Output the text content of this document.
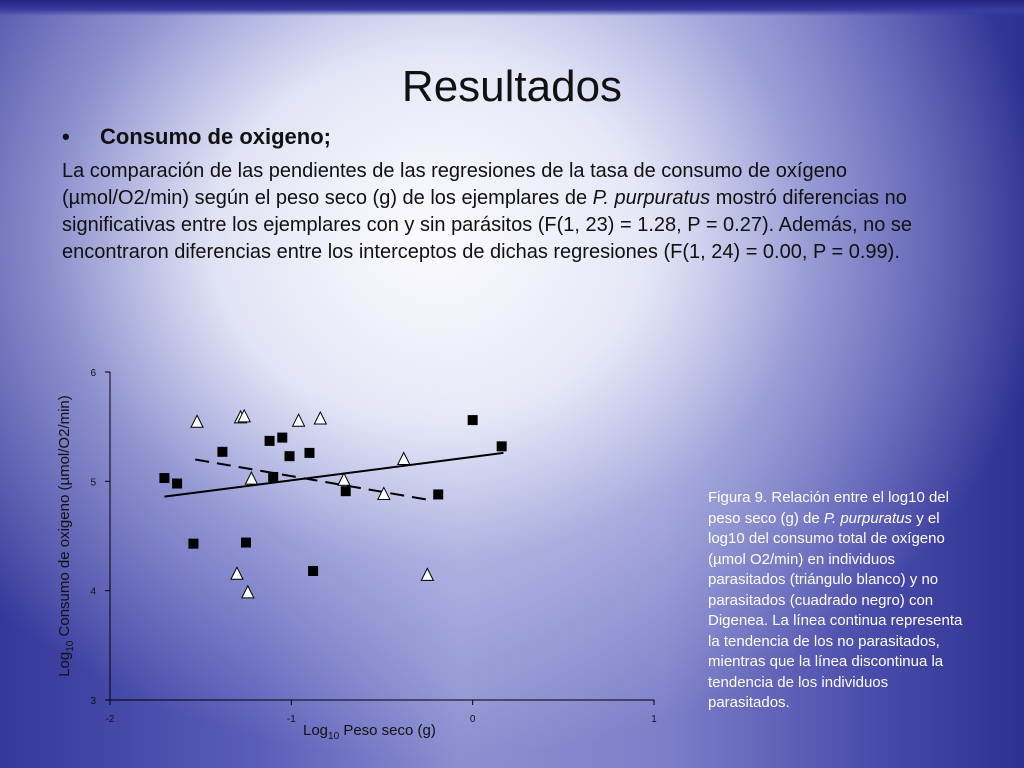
Resultados
• Consumo de oxigeno;
La comparación de las pendientes de las regresiones de la tasa de consumo de oxígeno (µmol/O2/min) según el peso seco (g) de los ejemplares de P. purpuratus mostró diferencias no significativas entre los ejemplares con y sin parásitos (F(1, 23) = 1.28, P = 0.27). Además, no se encontraron diferencias entre los interceptos de dichas regresiones (F(1, 24) = 0.00, P = 0.99).
3
4
5
6
-2	-1	0	1
Log$_{10}$ Consumo de oxigeno (µmol/O2/min)
Log$_{10}$ Peso seco (g)
Figura 9. Relación entre el log10 del peso seco (g) de P. purpuratus y el log10 del consumo total de oxígeno (µmol O2/min) en individuos parasitados (triángulo blanco) y no parasitados (cuadrado negro) con Digenea. La línea continua representa la tendencia de los no parasitados, mientras que la línea discontinua la tendencia de los individuos parasitados.
